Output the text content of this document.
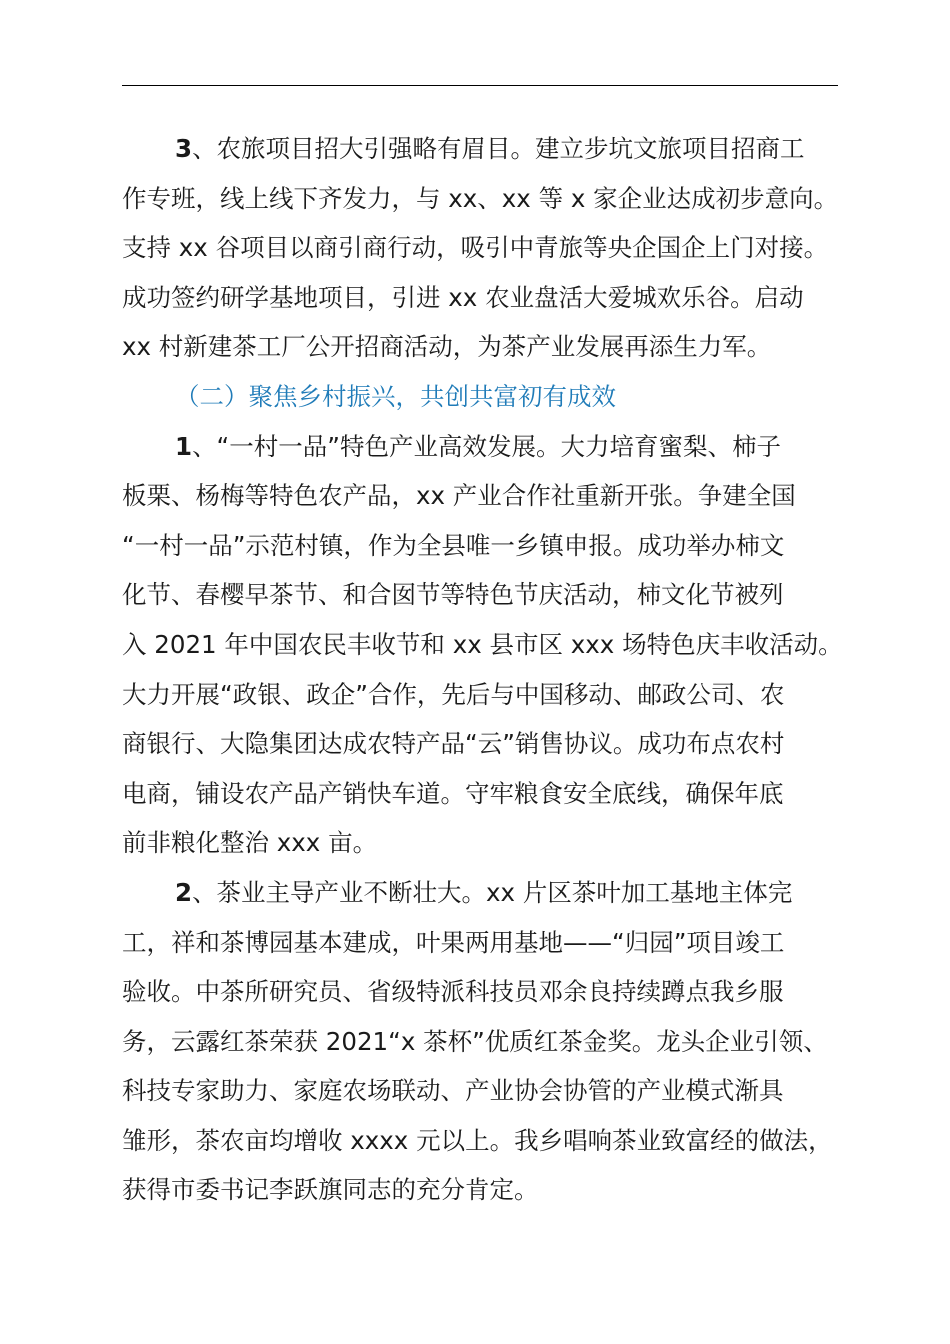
3、农旅项目招大引强略有眉目。建立步坑文旅项目招商工
作专班，线上线下齐发力，与 xx、xx 等 x 家企业达成初步意向。
支持 xx 谷项目以商引商行动，吸引中青旅等央企国企上门对接。
成功签约研学基地项目，引进 xx 农业盘活大爱城欢乐谷。启动
xx 村新建茶工厂公开招商活动，为茶产业发展再添生力军。
（二）聚焦乡村振兴，共创共富初有成效
1、“一村一品”特色产业高效发展。大力培育蜜梨、柿子
板栗、杨梅等特色农产品，xx 产业合作社重新开张。争建全国
“一村一品”示范村镇，作为全县唯一乡镇申报。成功举办柿文
化节、春樱早茶节、和合囡节等特色节庆活动，柿文化节被列
入 2021 年中国农民丰收节和 xx 县市区 xxx 场特色庆丰收活动。
大力开展“政银、政企”合作，先后与中国移动、邮政公司、农
商银行、大隐集团达成农特产品“云”销售协议。成功布点农村
电商，铺设农产品产销快车道。守牢粮食安全底线，确保年底
前非粮化整治 xxx 亩。
2、茶业主导产业不断壮大。xx 片区茶叶加工基地主体完
工，祥和茶博园基本建成，叶果两用基地——“归园”项目竣工
验收。中茶所研究员、省级特派科技员邓余良持续蹲点我乡服
务，云露红茶荣获 2021“x 茶杯”优质红茶金奖。龙头企业引领、
科技专家助力、家庭农场联动、产业协会协管的产业模式渐具
雏形，茶农亩均增收 xxxx 元以上。我乡唱响茶业致富经的做法，
获得市委书记李跃旗同志的充分肯定。
